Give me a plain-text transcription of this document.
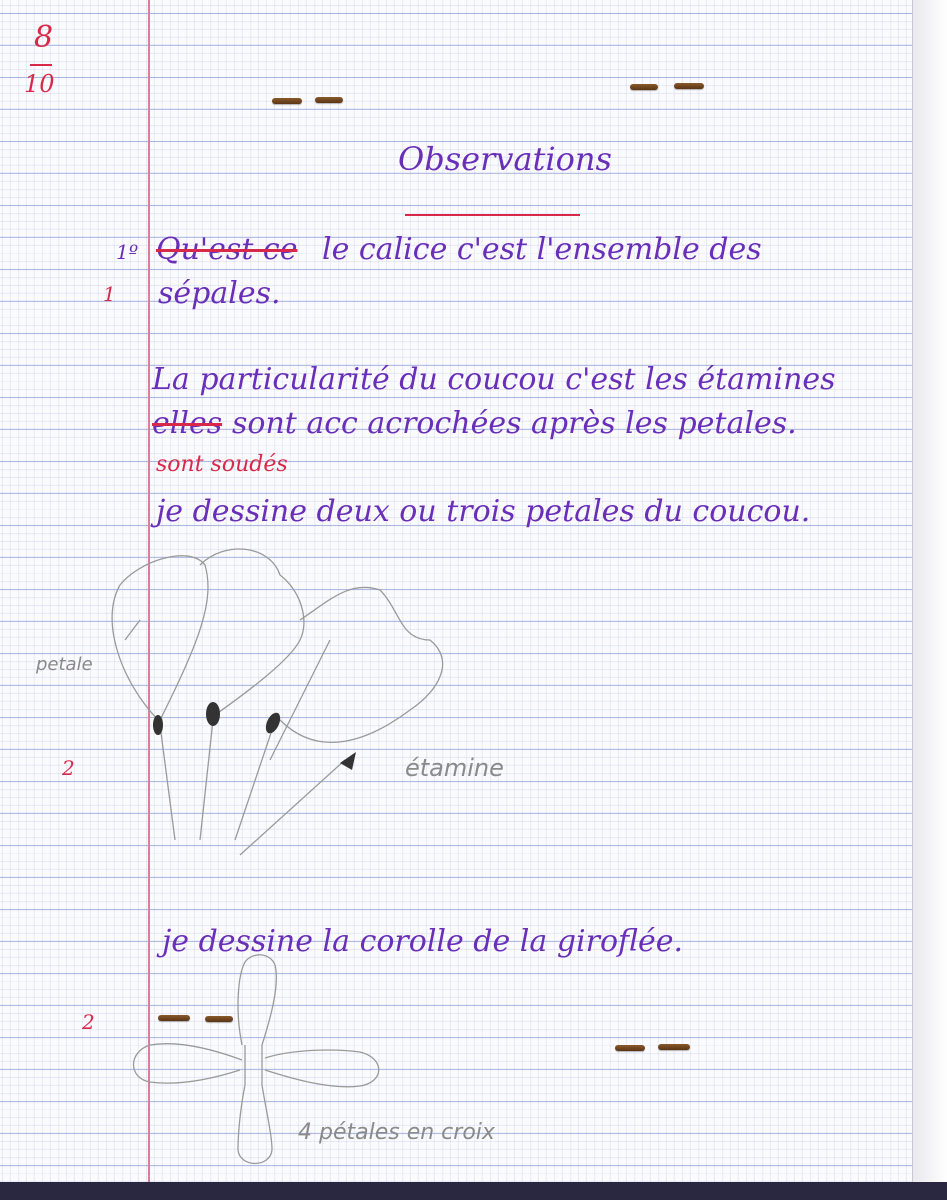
8
10
Observations
1º Qu'est ce le calice c'est l'ensemble des
sépales.
1
La particularité du coucou c'est les étamines
elles sont acc acrochées après les petales.
sont soudés
je dessine deux ou trois petales du coucou.
petale
étamine
2
je dessine la corolle de la giroflée.
2
4 pétales en croix
